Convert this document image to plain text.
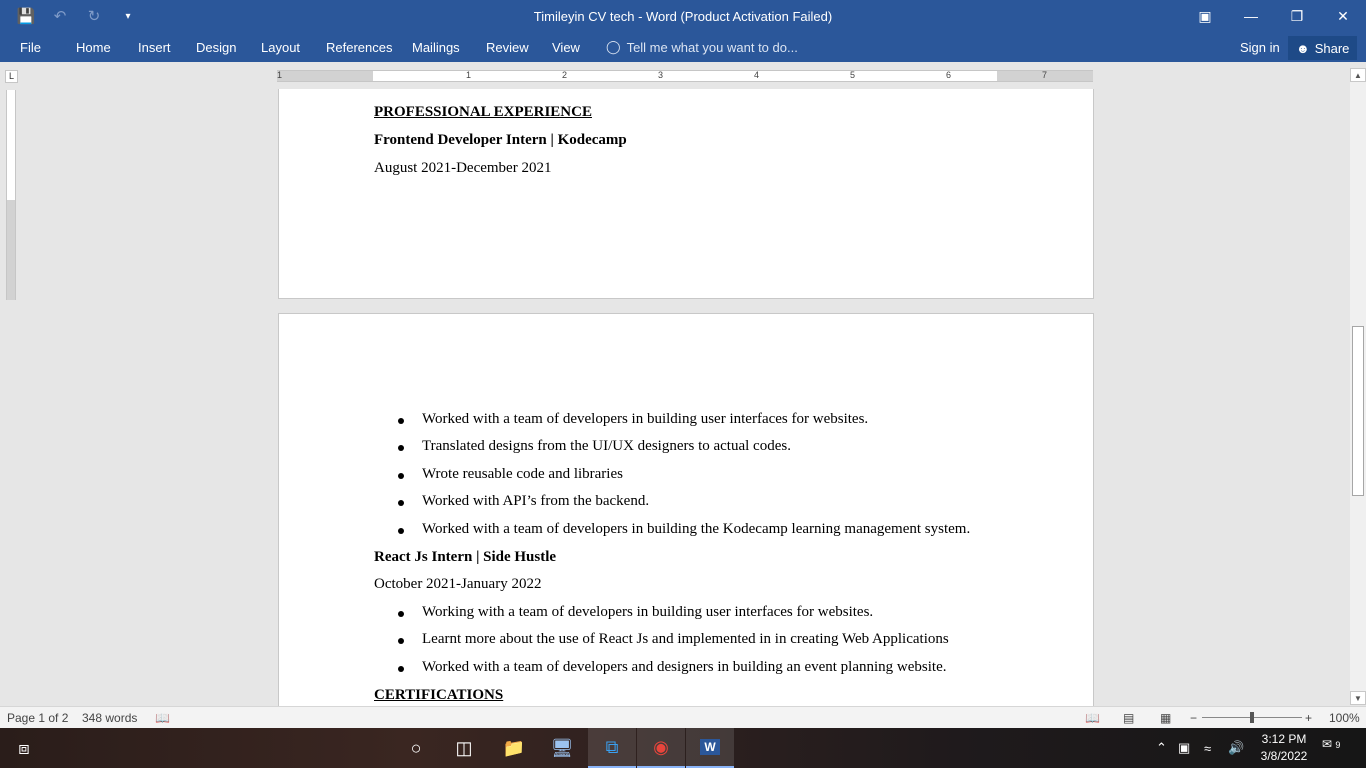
💾	↶	↻	▾	Timileyin CV tech - Word (Product Activation Failed)	▣	—	❐	✕
File	Home Insert Design Layout References Mailings Review View ◯ Tell me what you want to do...	Sign in ☻ Share
L	1	1	2	3	4	5	6	7
PROFESSIONAL EXPERIENCE
Frontend Developer Intern | Kodecamp
August 2021-December 2021
Worked with a team of developers in building user interfaces for websites.
Translated designs from the UI/UX designers to actual codes.
Wrote reusable code and libraries
Worked with API’s from the backend.
Worked with a team of developers in building the Kodecamp learning management system.
React Js Intern | Side Hustle
October 2021-January 2022
Working with a team of developers in building user interfaces for websites.
Learnt more about the use of React Js and implemented in in creating Web Applications
Worked with a team of developers and designers in building an event planning website.
CERTIFICATIONS
▲
▼
Page 1 of 2 348 words 📖	📖 ▤ ▦ −	+ 100%
⧈	○	◫	📁	🖥	⧉	◉	W	⌃ ▣	≈	🔊
3:12 PM
3/8/2022
✉ 9
